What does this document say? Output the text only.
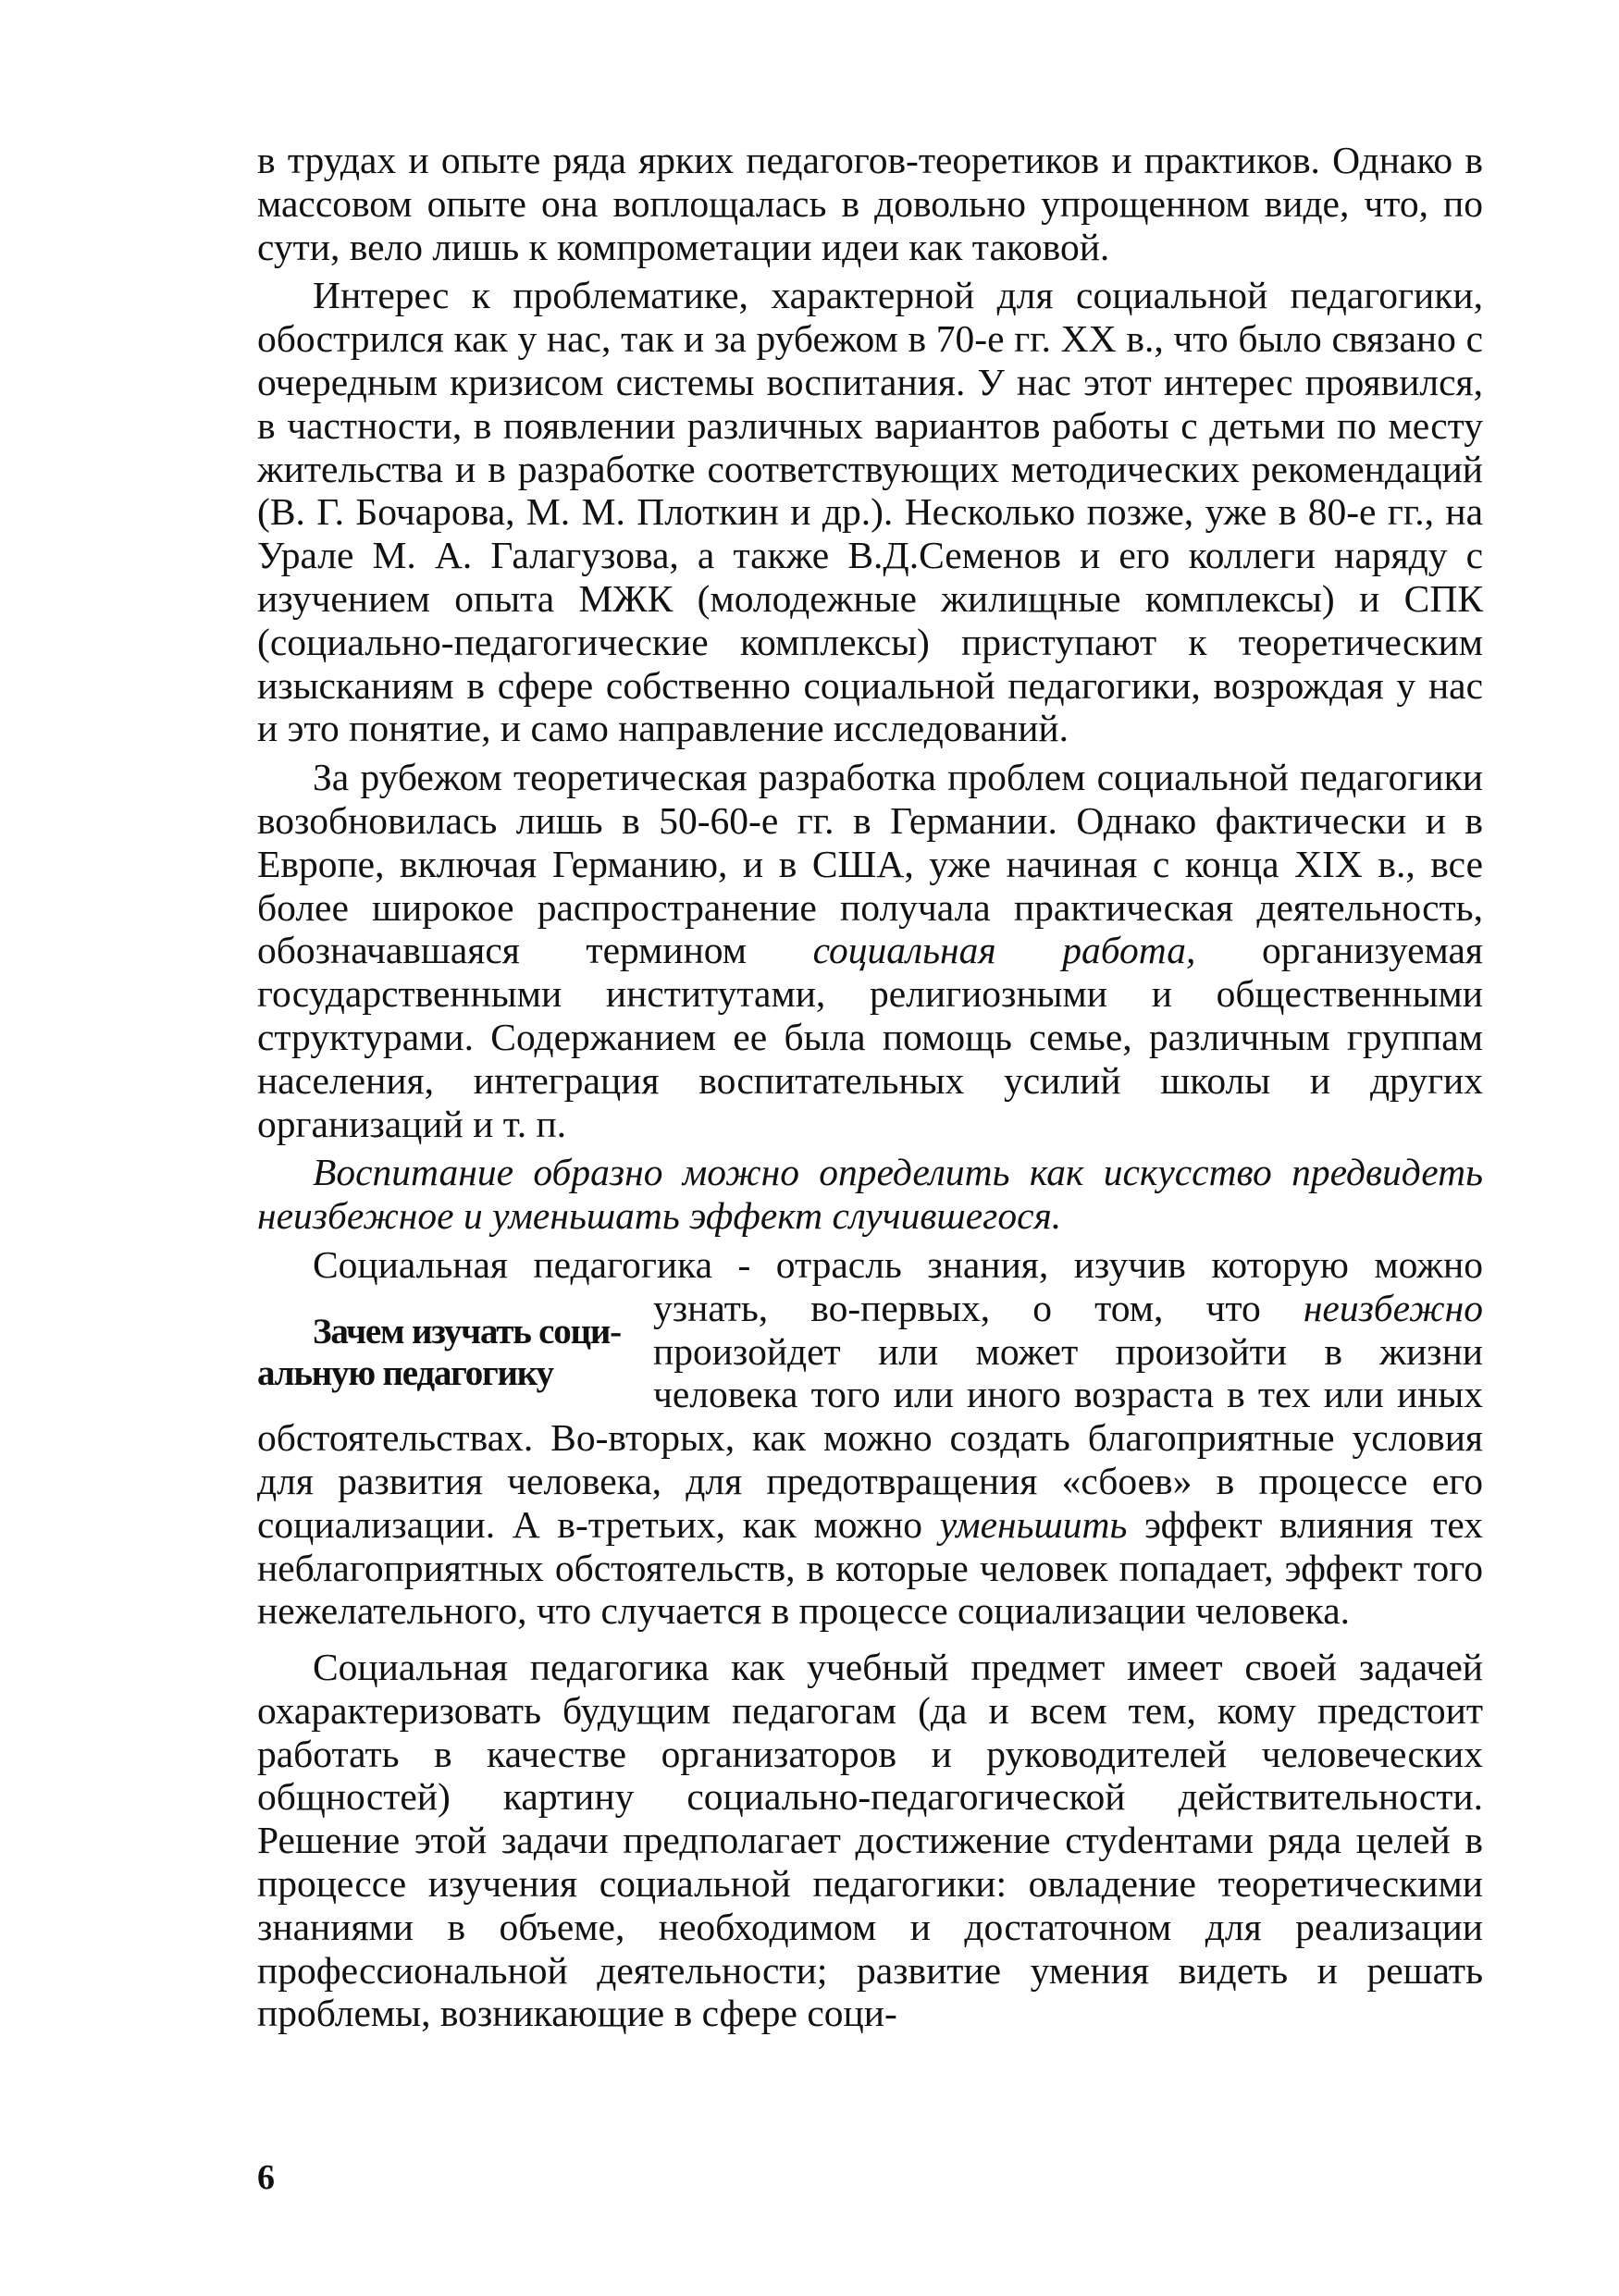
в трудах и опыте ряда ярких педагогов-теоретиков и практиков. Однако в массовом опыте она воплощалась в довольно упрощенном виде, что, по сути, вело лишь к компрометации идеи как таковой.

Интерес к проблематике, характерной для социальной педагогики, обострился как у нас, так и за рубежом в 70-е гг. XX в., что было связано с очередным кризисом системы воспитания. У нас этот интерес проявился, в частности, в появлении различных вариантов работы с детьми по месту жительства и в разработке соответствующих методических рекомендаций (В. Г. Бочарова, М. М. Плоткин и др.). Несколько позже, уже в 80-е гг., на Урале М. А. Галагузова, а также В.Д.Семенов и его коллеги наряду с изучением опыта МЖК (молодежные жилищные комплексы) и СПК (социально-педагогические комплексы) приступают к теоретическим изысканиям в сфере собственно социальной педагогики, возрождая у нас и это понятие, и само направление исследований.

За рубежом теоретическая разработка проблем социальной педагогики возобновилась лишь в 50-60-е гг. в Германии. Однако фактически и в Европе, включая Германию, и в США, уже начиная с конца XIX в., все более широкое распространение получала практическая деятельность, обозначавшаяся термином социальная работа, организуемая государственными институтами, религиозными и общественными структурами. Содержанием ее была помощь семье, различным группам населения, интеграция воспитательных усилий школы и других организаций и т. п.

Воспитание образно можно определить как искусство предвидеть неизбежное и уменьшать эффект случившегося.

Социальная педагогика - отрасль знания, изучив которую можно узнать, во-первых, о том, что неизбежно
Зачем изучать социальную педагогику
произойдет или может произойти в жизни человека того или иного возраста в тех или иных обстоятельствах. Во-вторых, как можно создать благоприятные условия для развития человека, для предотвращения «сбоев» в процессе его социализации. А в-третьих, как можно уменьшить эффект влияния тех неблагоприятных обстоятельств, в которые человек попадает, эффект того нежелательного, что случается в процессе социализации человека.

Социальная педагогика как учебный предмет имеет своей задачей охарактеризовать будущим педагогам (да и всем тем, кому предстоит работать в качестве организаторов и руководителей человеческих общностей) картину социально-педагогической действительности. Решение этой задачи предполагает достижение стуdентами ряда целей в процессе изучения социальной педагогики: овладение теоретическими знаниями в объеме, необходимом и достаточном для реализации профессиональной деятельности; развитие умения видеть и решать проблемы, возникающие в сфере соци-

6
